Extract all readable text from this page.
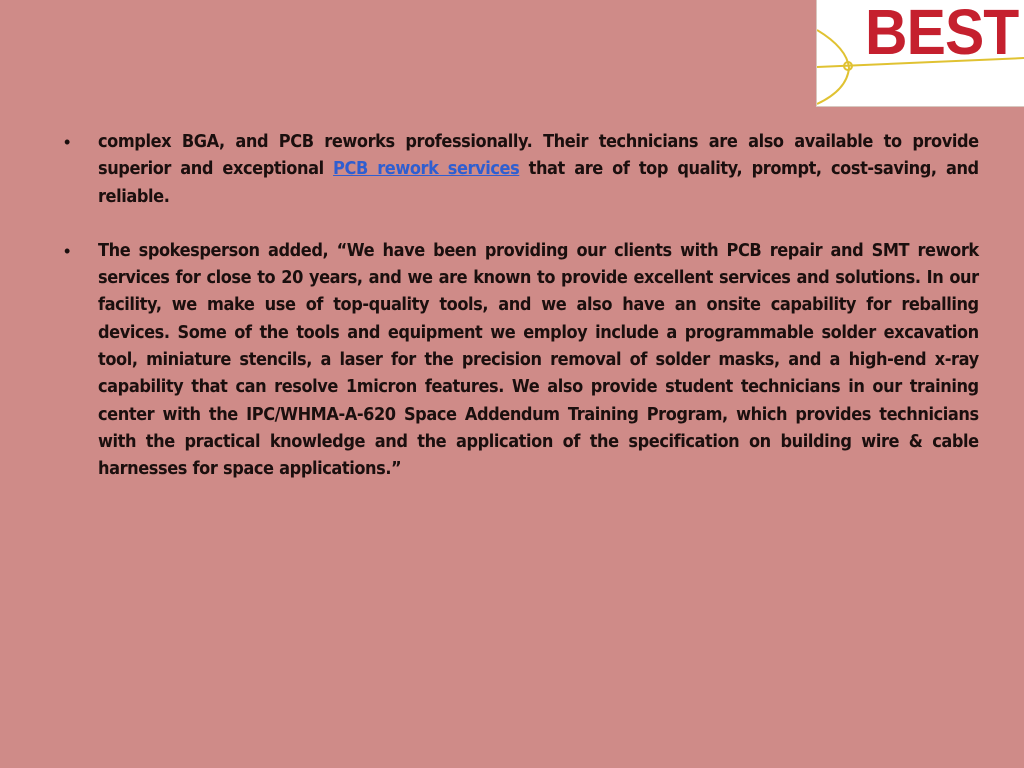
BEST
• complex BGA, and PCB reworks professionally. Their technicians are also available to provide superior and exceptional PCB rework services that are of top quality, prompt, cost-saving, and reliable.
• The spokesperson added, “We have been providing our clients with PCB repair and SMT rework services for close to 20 years, and we are known to provide excellent services and solutions. In our facility, we make use of top-quality tools, and we also have an onsite capability for reballing devices. Some of the tools and equipment we employ include a programmable solder excavation tool, miniature stencils, a laser for the precision removal of solder masks, and a high-end x-ray capability that can resolve 1micron features. We also provide student technicians in our training center with the IPC/WHMA-A-620 Space Addendum Training Program, which provides technicians with the practical knowledge and the application of the specification on building wire & cable harnesses for space applications.”
